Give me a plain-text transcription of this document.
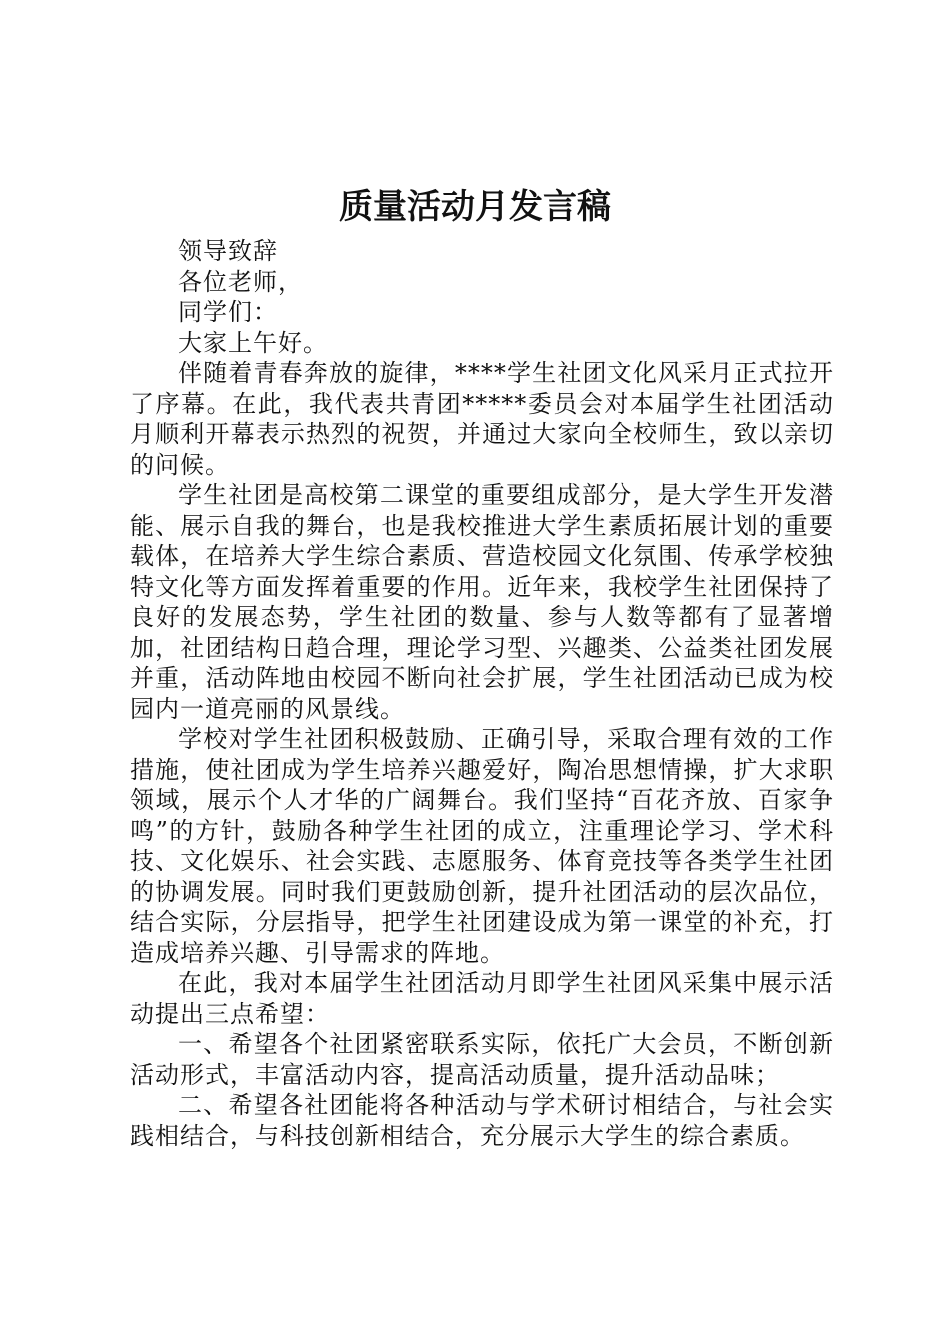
质量活动月发言稿

领导致辞

各位老师，

同学们：

大家上午好。

伴随着青春奔放的旋律，****学生社团文化风采月正式拉开了序幕。在此，我代表共青团*****委员会对本届学生社团活动月顺利开幕表示热烈的祝贺，并通过大家向全校师生，致以亲切的问候。

学生社团是高校第二课堂的重要组成部分，是大学生开发潜能、展示自我的舞台，也是我校推进大学生素质拓展计划的重要载体，在培养大学生综合素质、营造校园文化氛围、传承学校独特文化等方面发挥着重要的作用。近年来，我校学生社团保持了良好的发展态势，学生社团的数量、参与人数等都有了显著增加，社团结构日趋合理，理论学习型、兴趣类、公益类社团发展并重，活动阵地由校园不断向社会扩展，学生社团活动已成为校园内一道亮丽的风景线。

学校对学生社团积极鼓励、正确引导，采取合理有效的工作措施，使社团成为学生培养兴趣爱好，陶冶思想情操，扩大求职领域，展示个人才华的广阔舞台。我们坚持“百花齐放、百家争鸣”的方针，鼓励各种学生社团的成立，注重理论学习、学术科技、文化娱乐、社会实践、志愿服务、体育竞技等各类学生社团的协调发展。同时我们更鼓励创新，提升社团活动的层次品位，结合实际，分层指导，把学生社团建设成为第一课堂的补充，打造成培养兴趣、引导需求的阵地。

在此，我对本届学生社团活动月即学生社团风采集中展示活动提出三点希望：

一、希望各个社团紧密联系实际，依托广大会员，不断创新活动形式，丰富活动内容，提高活动质量，提升活动品味；

二、希望各社团能将各种活动与学术研讨相结合，与社会实践相结合，与科技创新相结合，充分展示大学生的综合素质。
